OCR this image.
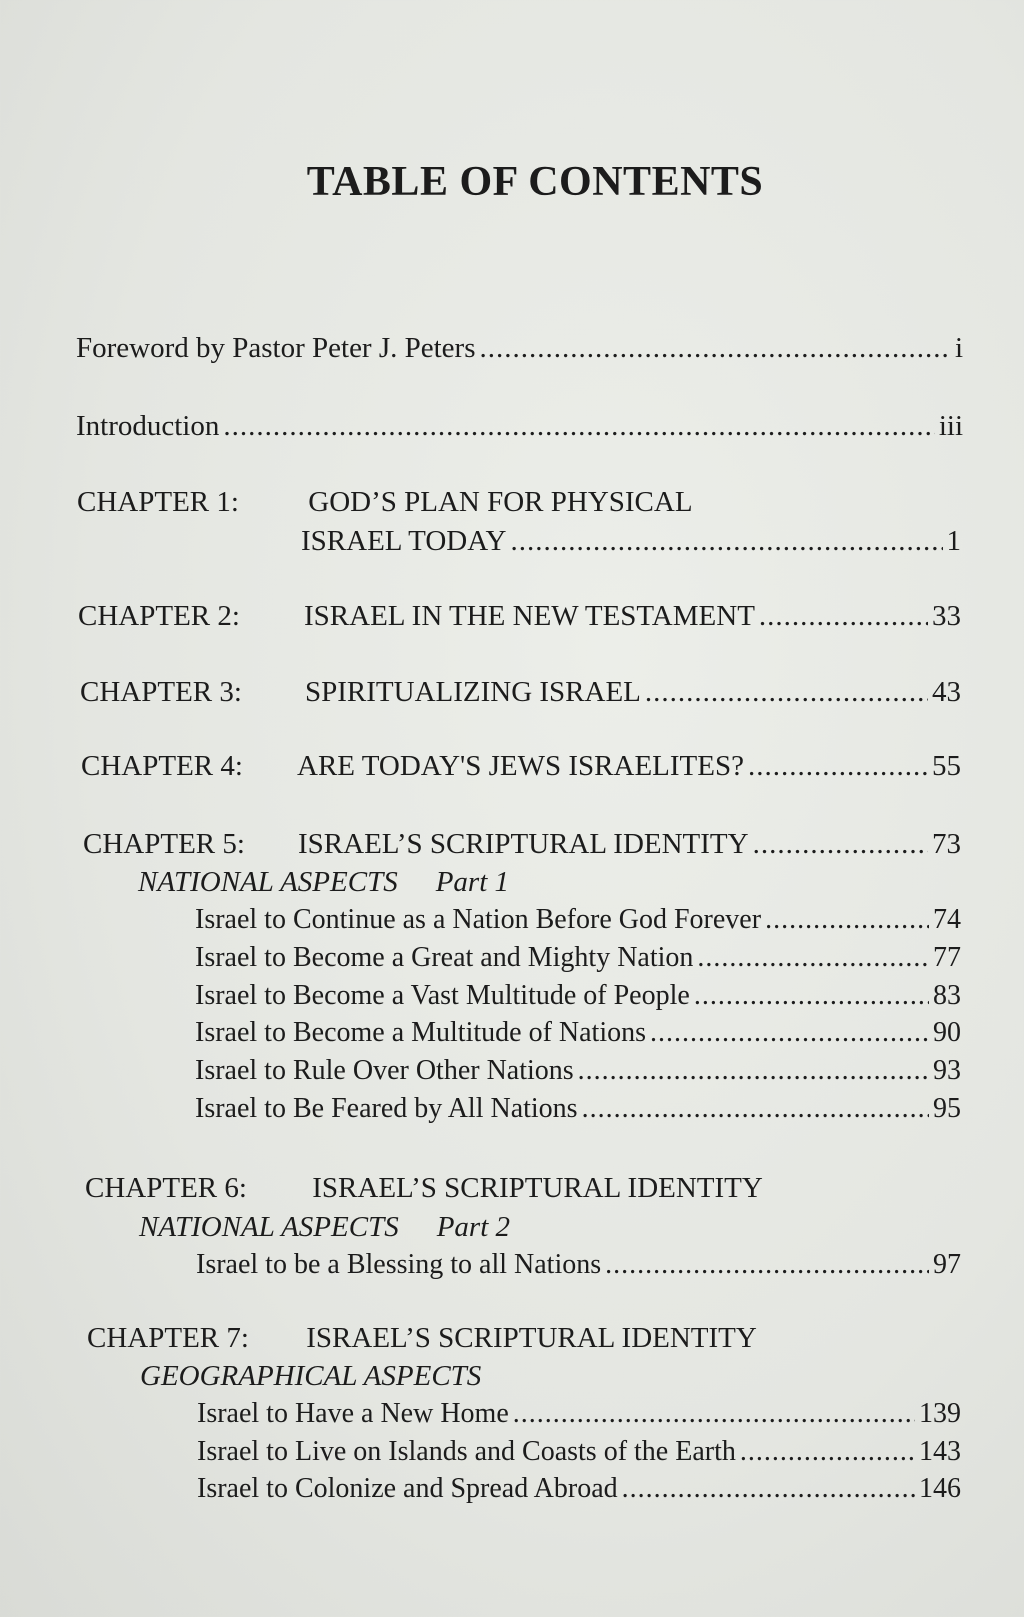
TABLE OF CONTENTS
Foreword by Pastor Peter J. Peters .....	i
Introduction .....	iii
CHAPTER 1: GOD’S PLAN FOR PHYSICAL
ISRAEL TODAY .....	1
CHAPTER 2: ISRAEL IN THE NEW TESTAMENT .....	33
CHAPTER 3: SPIRITUALIZING ISRAEL .....	43
CHAPTER 4: ARE TODAY'S JEWS ISRAELITES? .....	55
CHAPTER 5: ISRAEL’S SCRIPTURAL IDENTITY .....	73
NATIONAL ASPECTS Part 1
Israel to Continue as a Nation Before God Forever .....	74
Israel to Become a Great and Mighty Nation .....	77
Israel to Become a Vast Multitude of People .....	83
Israel to Become a Multitude of Nations .....	90
Israel to Rule Over Other Nations .....	93
Israel to Be Feared by All Nations .....	95
CHAPTER 6: ISRAEL’S SCRIPTURAL IDENTITY
NATIONAL ASPECTS Part 2
Israel to be a Blessing to all Nations .....	97
CHAPTER 7: ISRAEL’S SCRIPTURAL IDENTITY
GEOGRAPHICAL ASPECTS
Israel to Have a New Home .....	139
Israel to Live on Islands and Coasts of the Earth .....	143
Israel to Colonize and Spread Abroad .....	146
